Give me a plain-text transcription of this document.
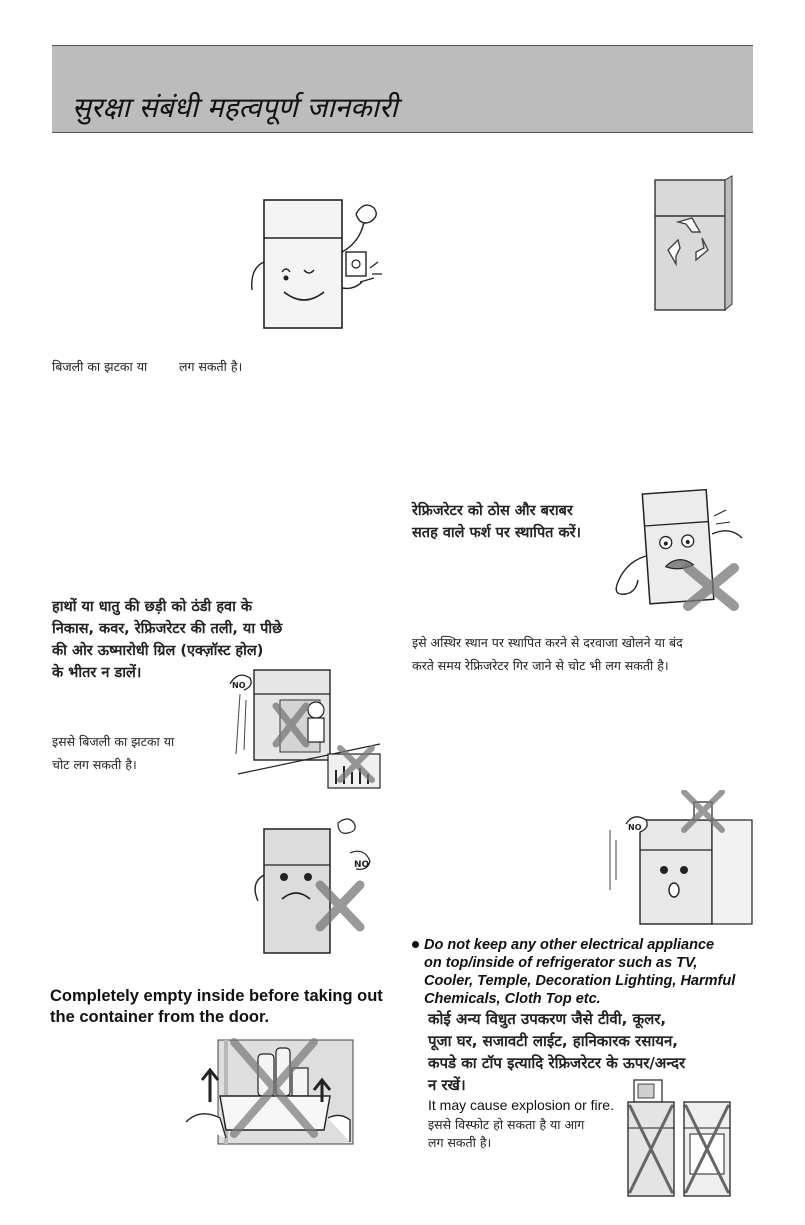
सुरक्षा संबंधी महत्वपूर्ण जानकारी
बिजली का झटका या        लग सकती है।
रेफ्रिजरेटर को ठोस और बराबर
सतह वाले फर्श पर स्थापित करें।
इसे अस्थिर स्थान पर स्थापित करने से दरवाजा खोलने या बंद
करते समय रेफ्रिजरेटर गिर जाने से चोट भी लग सकती है।
हाथों या धातु की छड़ी को ठंडी हवा के
निकास, कवर, रेफ्रिजरेटर की तली, या पीछे
की ओर ऊष्मारोधी ग्रिल (एक्ज़ॉस्ट होल)
के भीतर न डालें।
NO
इससे बिजली का झटका या
चोट लग सकती है।
NO
NO
Do not keep any other electrical appliance
on top/inside of refrigerator such as TV,
Cooler, Temple, Decoration Lighting, Harmful
Chemicals, Cloth Top etc.
कोई अन्य विधुत उपकरण जैसे टीवी, कूलर,
पूजा घर, सजावटी लाईट, हानिकारक रसायन,
कपडे का टॉप इत्यादि रेफ्रिजरेटर के ऊपर/अन्दर
न रखें।
It may cause explosion or fire.
इससे विस्फोट हो सकता है या आग
लग सकती है।
Completely empty inside before taking out
the container from the door.
